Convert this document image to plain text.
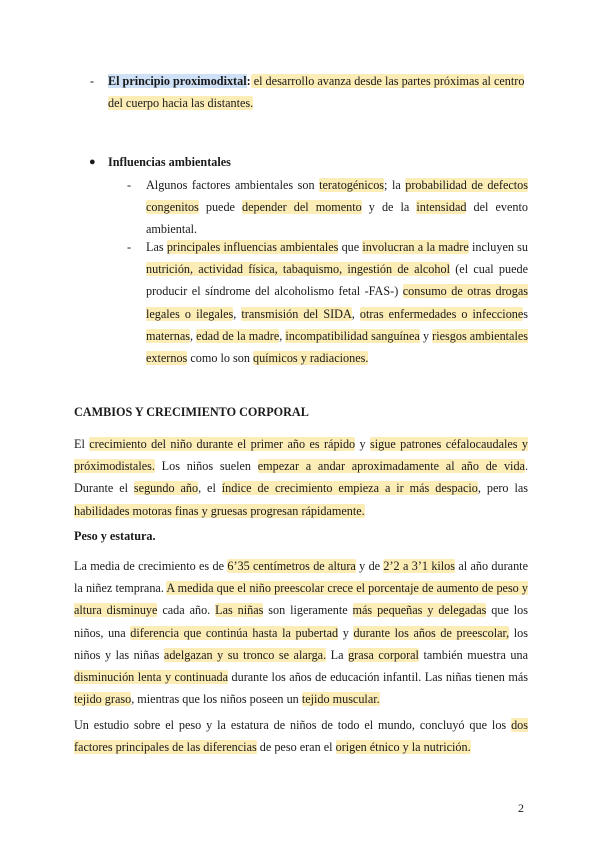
- El principio proximodixtal: el desarrollo avanza desde las partes próximas al centro
del cuerpo hacia las distantes.
● Influencias ambientales
- Algunos factores ambientales son teratogénicos; la probabilidad de defectos congenitos puede depender del momento y de la intensidad del evento ambiental.
- Las principales influencias ambientales que involucran a la madre incluyen su nutrición, actividad física, tabaquismo, ingestión de alcohol (el cual puede producir el síndrome del alcoholismo fetal -FAS-) consumo de otras drogas legales o ilegales, transmisión del SIDA, otras enfermedades o infecciones maternas, edad de la madre, incompatibilidad sanguínea y riesgos ambientales externos como lo son químicos y radiaciones.
CAMBIOS Y CRECIMIENTO CORPORAL
El crecimiento del niño durante el primer año es rápido y sigue patrones céfalocaudales y próximodistales. Los niños suelen empezar a andar aproximadamente al año de vida. Durante el segundo año, el índice de crecimiento empieza a ir más despacio, pero las habilidades motoras finas y gruesas progresan rápidamente.
Peso y estatura.
La media de crecimiento es de 6’35 centímetros de altura y de 2’2 a 3’1 kilos al año durante la niñez temprana. A medida que el niño preescolar crece el porcentaje de aumento de peso y altura disminuye cada año. Las niñas son ligeramente más pequeñas y delegadas que los niños, una diferencia que continúa hasta la pubertad y durante los años de preescolar, los niños y las niñas adelgazan y su tronco se alarga. La grasa corporal también muestra una disminución lenta y continuada durante los años de educación infantil. Las niñas tienen más tejido graso, mientras que los niños poseen un tejido muscular.
Un estudio sobre el peso y la estatura de niños de todo el mundo, concluyó que los dos factores principales de las diferencias de peso eran el origen étnico y la nutrición.
2
